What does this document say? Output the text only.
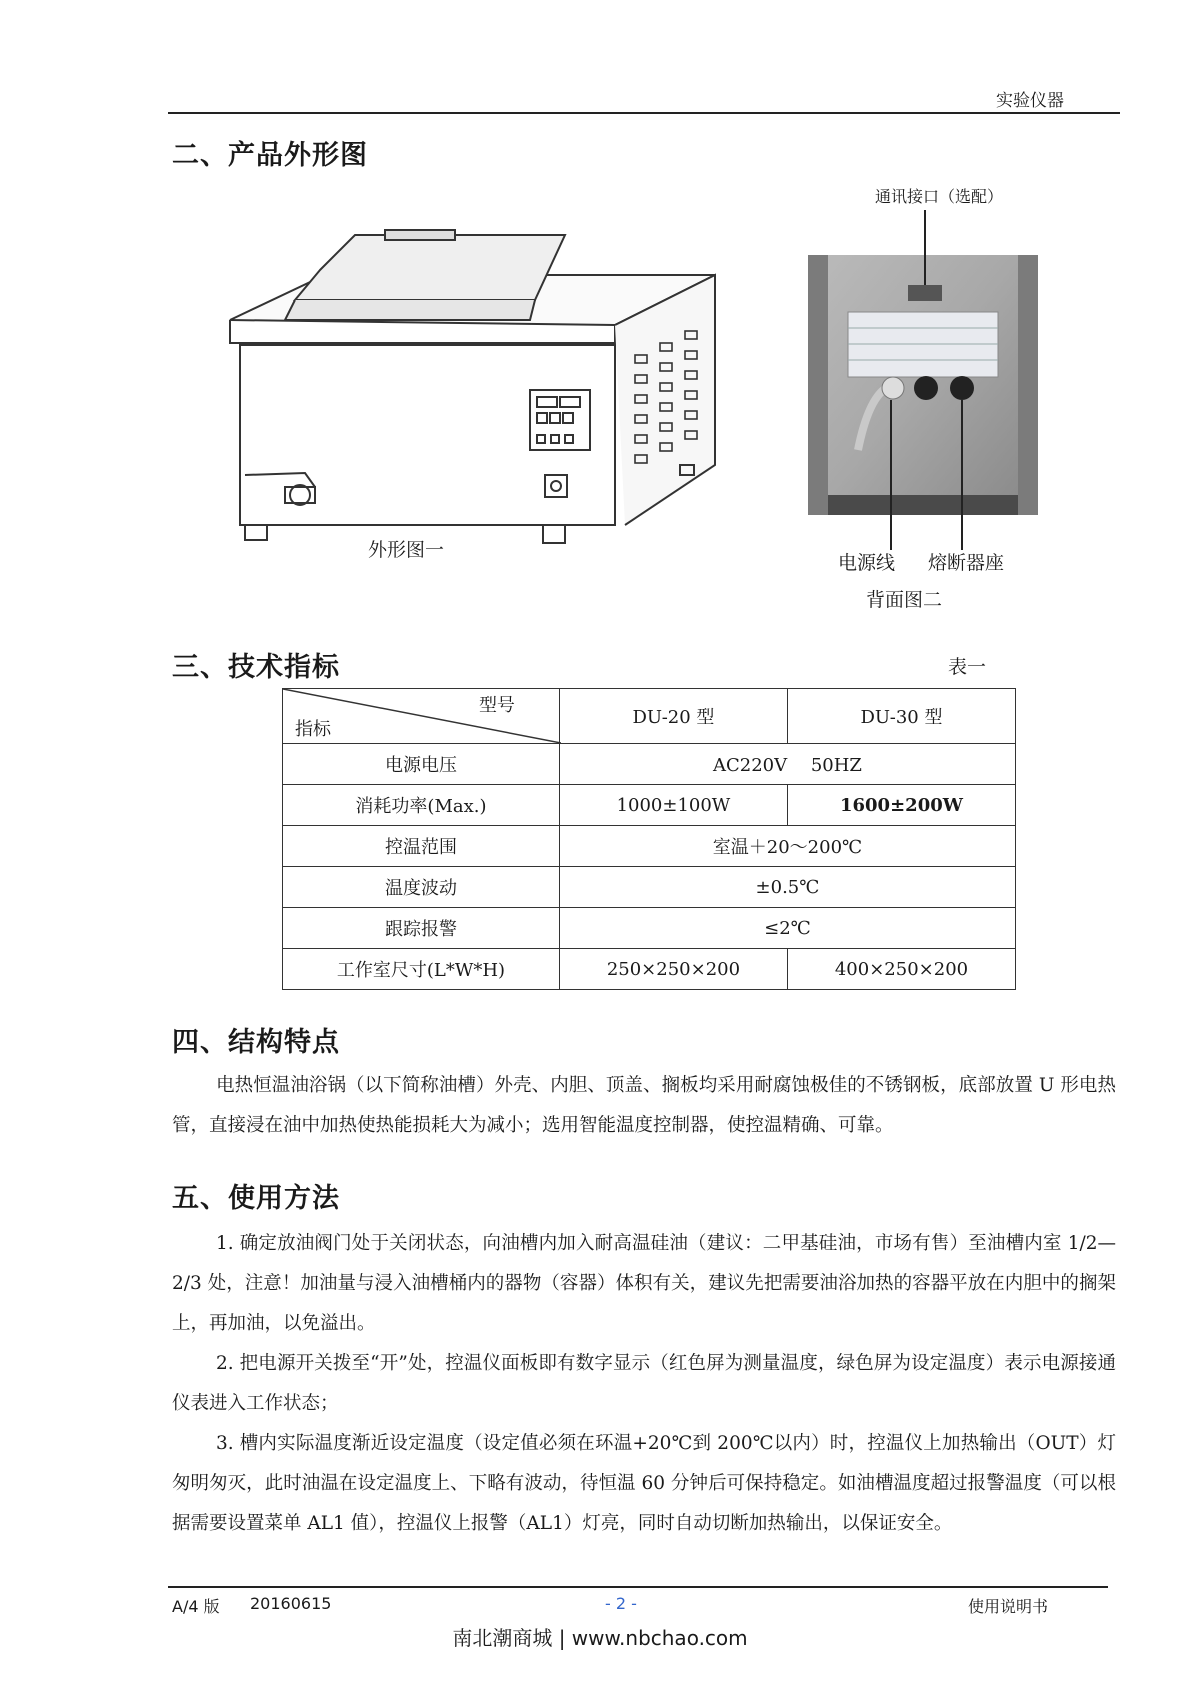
实验仪器
二、产品外形图
外形图一
通讯接口（选配）
电源线 熔断器座
背面图二
三、技术指标	表一
型号
指标	DU-20 型	DU-30 型
电源电压	AC220V　 50HZ	
消耗功率(Max.)	1000±100W	1600±200W
控温范围	室温＋20～200℃	
温度波动	±0.5℃	
跟踪报警	≤2℃	
工作室尺寸(L*W*H)	250×250×200	400×250×200
四、结构特点
电热恒温油浴锅（以下简称油槽）外壳、内胆、顶盖、搁板均采用耐腐蚀极佳的不锈钢板，底部放置 U 形电热管，直接浸在油中加热使热能损耗大为减小；选用智能温度控制器，使控温精确、可靠。
五、使用方法
1. 确定放油阀门处于关闭状态，向油槽内加入耐高温硅油（建议：二甲基硅油，市场有售）至油槽内室 1/2—2/3 处，注意！加油量与浸入油槽桶内的器物（容器）体积有关，建议先把需要油浴加热的容器平放在内胆中的搁架上，再加油，以免溢出。
2. 把电源开关拨至“开”处，控温仪面板即有数字显示（红色屏为测量温度，绿色屏为设定温度）表示电源接通仪表进入工作状态；
3. 槽内实际温度渐近设定温度（设定值必须在环温+20℃到 200℃以内）时，控温仪上加热输出（OUT）灯匆明匆灭，此时油温在设定温度上、下略有波动，待恒温 60 分钟后可保持稳定。如油槽温度超过报警温度（可以根据需要设置菜单 AL1 值），控温仪上报警（AL1）灯亮，同时自动切断加热输出，以保证安全。
A/4 版 20160615	- 2 -	使用说明书
南北潮商城 | www.nbchao.com
